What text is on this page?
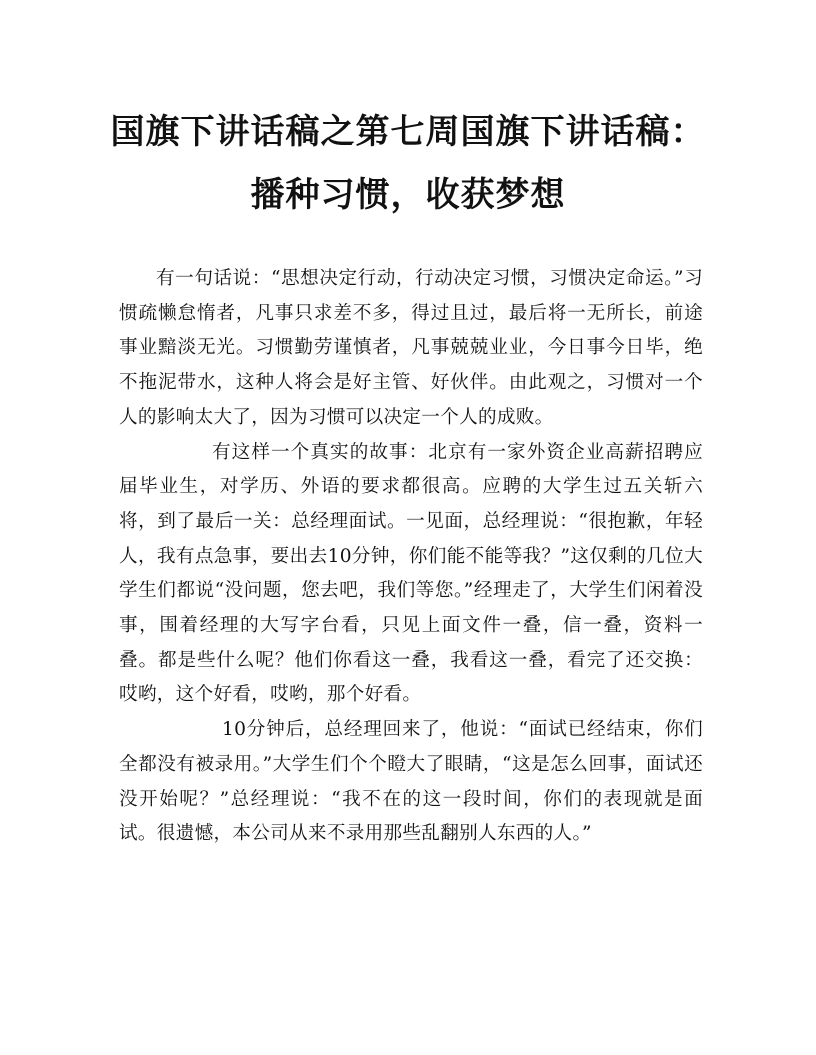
国旗下讲话稿之第七周国旗下讲话稿：
播种习惯，收获梦想

有一句话说：“思想决定行动，行动决定习惯，习惯决定命运。”习惯疏懒怠惰者，凡事只求差不多，得过且过，最后将一无所长，前途事业黯淡无光。习惯勤劳谨慎者，凡事兢兢业业，今日事今日毕，绝不拖泥带水，这种人将会是好主管、好伙伴。由此观之，习惯对一个人的影响太大了，因为习惯可以决定一个人的成败。

有这样一个真实的故事：北京有一家外资企业高薪招聘应届毕业生，对学历、外语的要求都很高。应聘的大学生过五关斩六将，到了最后一关：总经理面试。一见面，总经理说：“很抱歉，年轻人，我有点急事，要出去10分钟，你们能不能等我？”这仅剩的几位大学生们都说“没问题，您去吧，我们等您。”经理走了，大学生们闲着没事，围着经理的大写字台看，只见上面文件一叠，信一叠，资料一叠。都是些什么呢？他们你看这一叠，我看这一叠，看完了还交换：哎哟，这个好看，哎哟，那个好看。

10分钟后，总经理回来了，他说：“面试已经结束，你们全都没有被录用。”大学生们个个瞪大了眼睛，“这是怎么回事，面试还没开始呢？”总经理说：“我不在的这一段时间，你们的表现就是面试。很遗憾，本公司从来不录用那些乱翻别人东西的人。”
